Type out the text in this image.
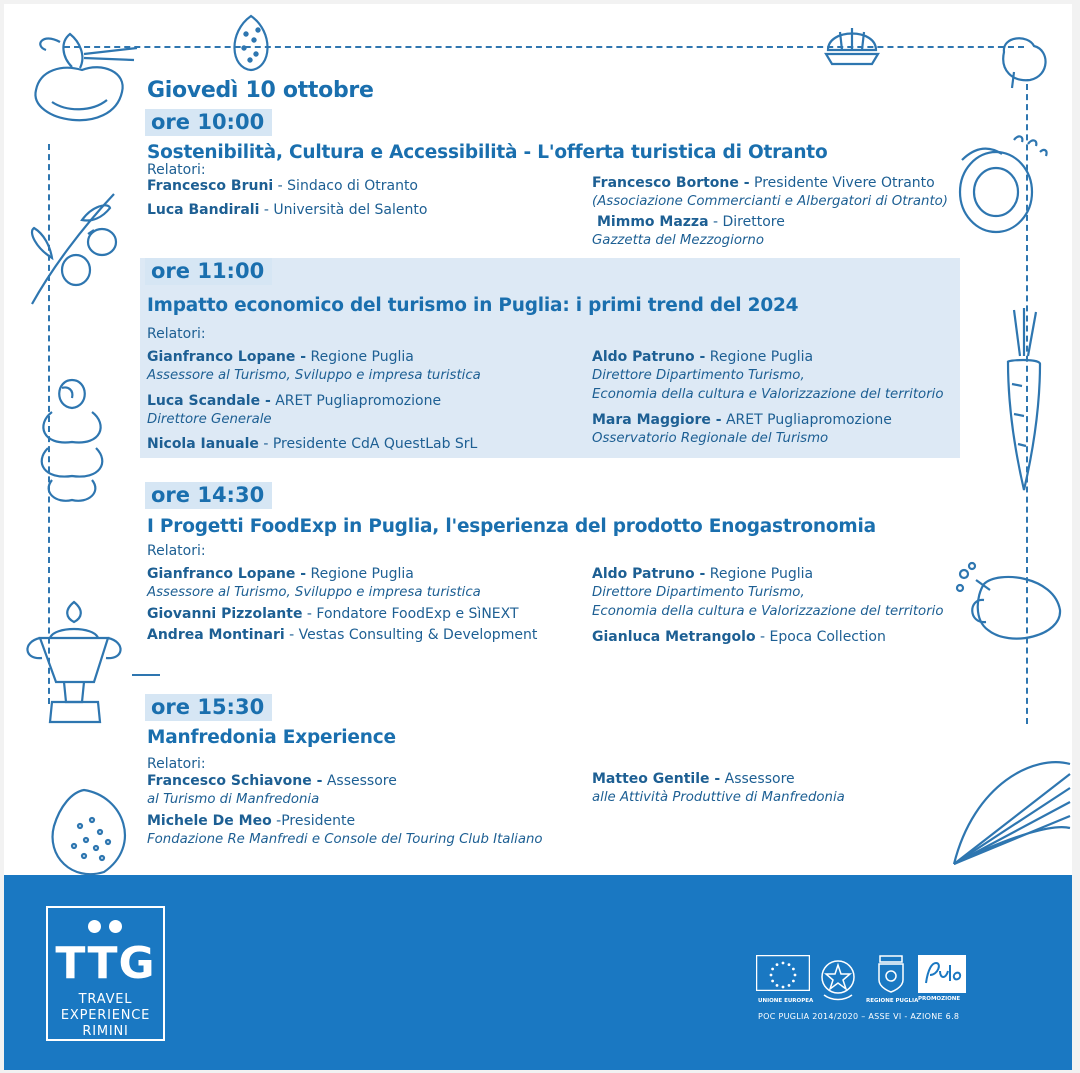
Giovedì 10 ottobre
ore 10:00
Sostenibilità, Cultura e Accessibilità - L'offerta turistica di Otranto
Relatori:
Francesco Bruni - Sindaco di Otranto
Luca Bandirali - Università del Salento
Francesco Bortone - Presidente Vivere Otranto
(Associazione Commercianti e Albergatori di Otranto)
Mimmo Mazza - Direttore
Gazzetta del Mezzogiorno
ore 11:00
Impatto economico del turismo in Puglia: i primi trend del 2024
Relatori:
Gianfranco Lopane - Regione Puglia
Assessore al Turismo, Sviluppo e impresa turistica
Luca Scandale - ARET Pugliapromozione
Direttore Generale
Nicola Ianuale - Presidente CdA QuestLab SrL
Aldo Patruno - Regione Puglia
Direttore Dipartimento Turismo,
Economia della cultura e Valorizzazione del territorio
Mara Maggiore - ARET Pugliapromozione
Osservatorio Regionale del Turismo
ore 14:30
I Progetti FoodExp in Puglia, l'esperienza del prodotto Enogastronomia
Relatori:
Gianfranco Lopane - Regione Puglia
Assessore al Turismo, Sviluppo e impresa turistica
Giovanni Pizzolante - Fondatore FoodExp e SìNEXT
Andrea Montinari - Vestas Consulting & Development
Aldo Patruno - Regione Puglia
Direttore Dipartimento Turismo,
Economia della cultura e Valorizzazione del territorio
Gianluca Metrangolo - Epoca Collection
ore 15:30
Manfredonia Experience
Relatori:
Francesco Schiavone - Assessore
al Turismo di Manfredonia
Michele De Meo -Presidente
Fondazione Re Manfredi e Console del Touring Club Italiano
Matteo Gentile - Assessore
alle Attività Produttive di Manfredonia
TTG
TRAVEL
EXPERIENCE
RIMINI
UNIONE EUROPEA	REGIONE PUGLIA PROMOZIONE
POC PUGLIA 2014/2020 – ASSE VI - AZIONE 6.8
